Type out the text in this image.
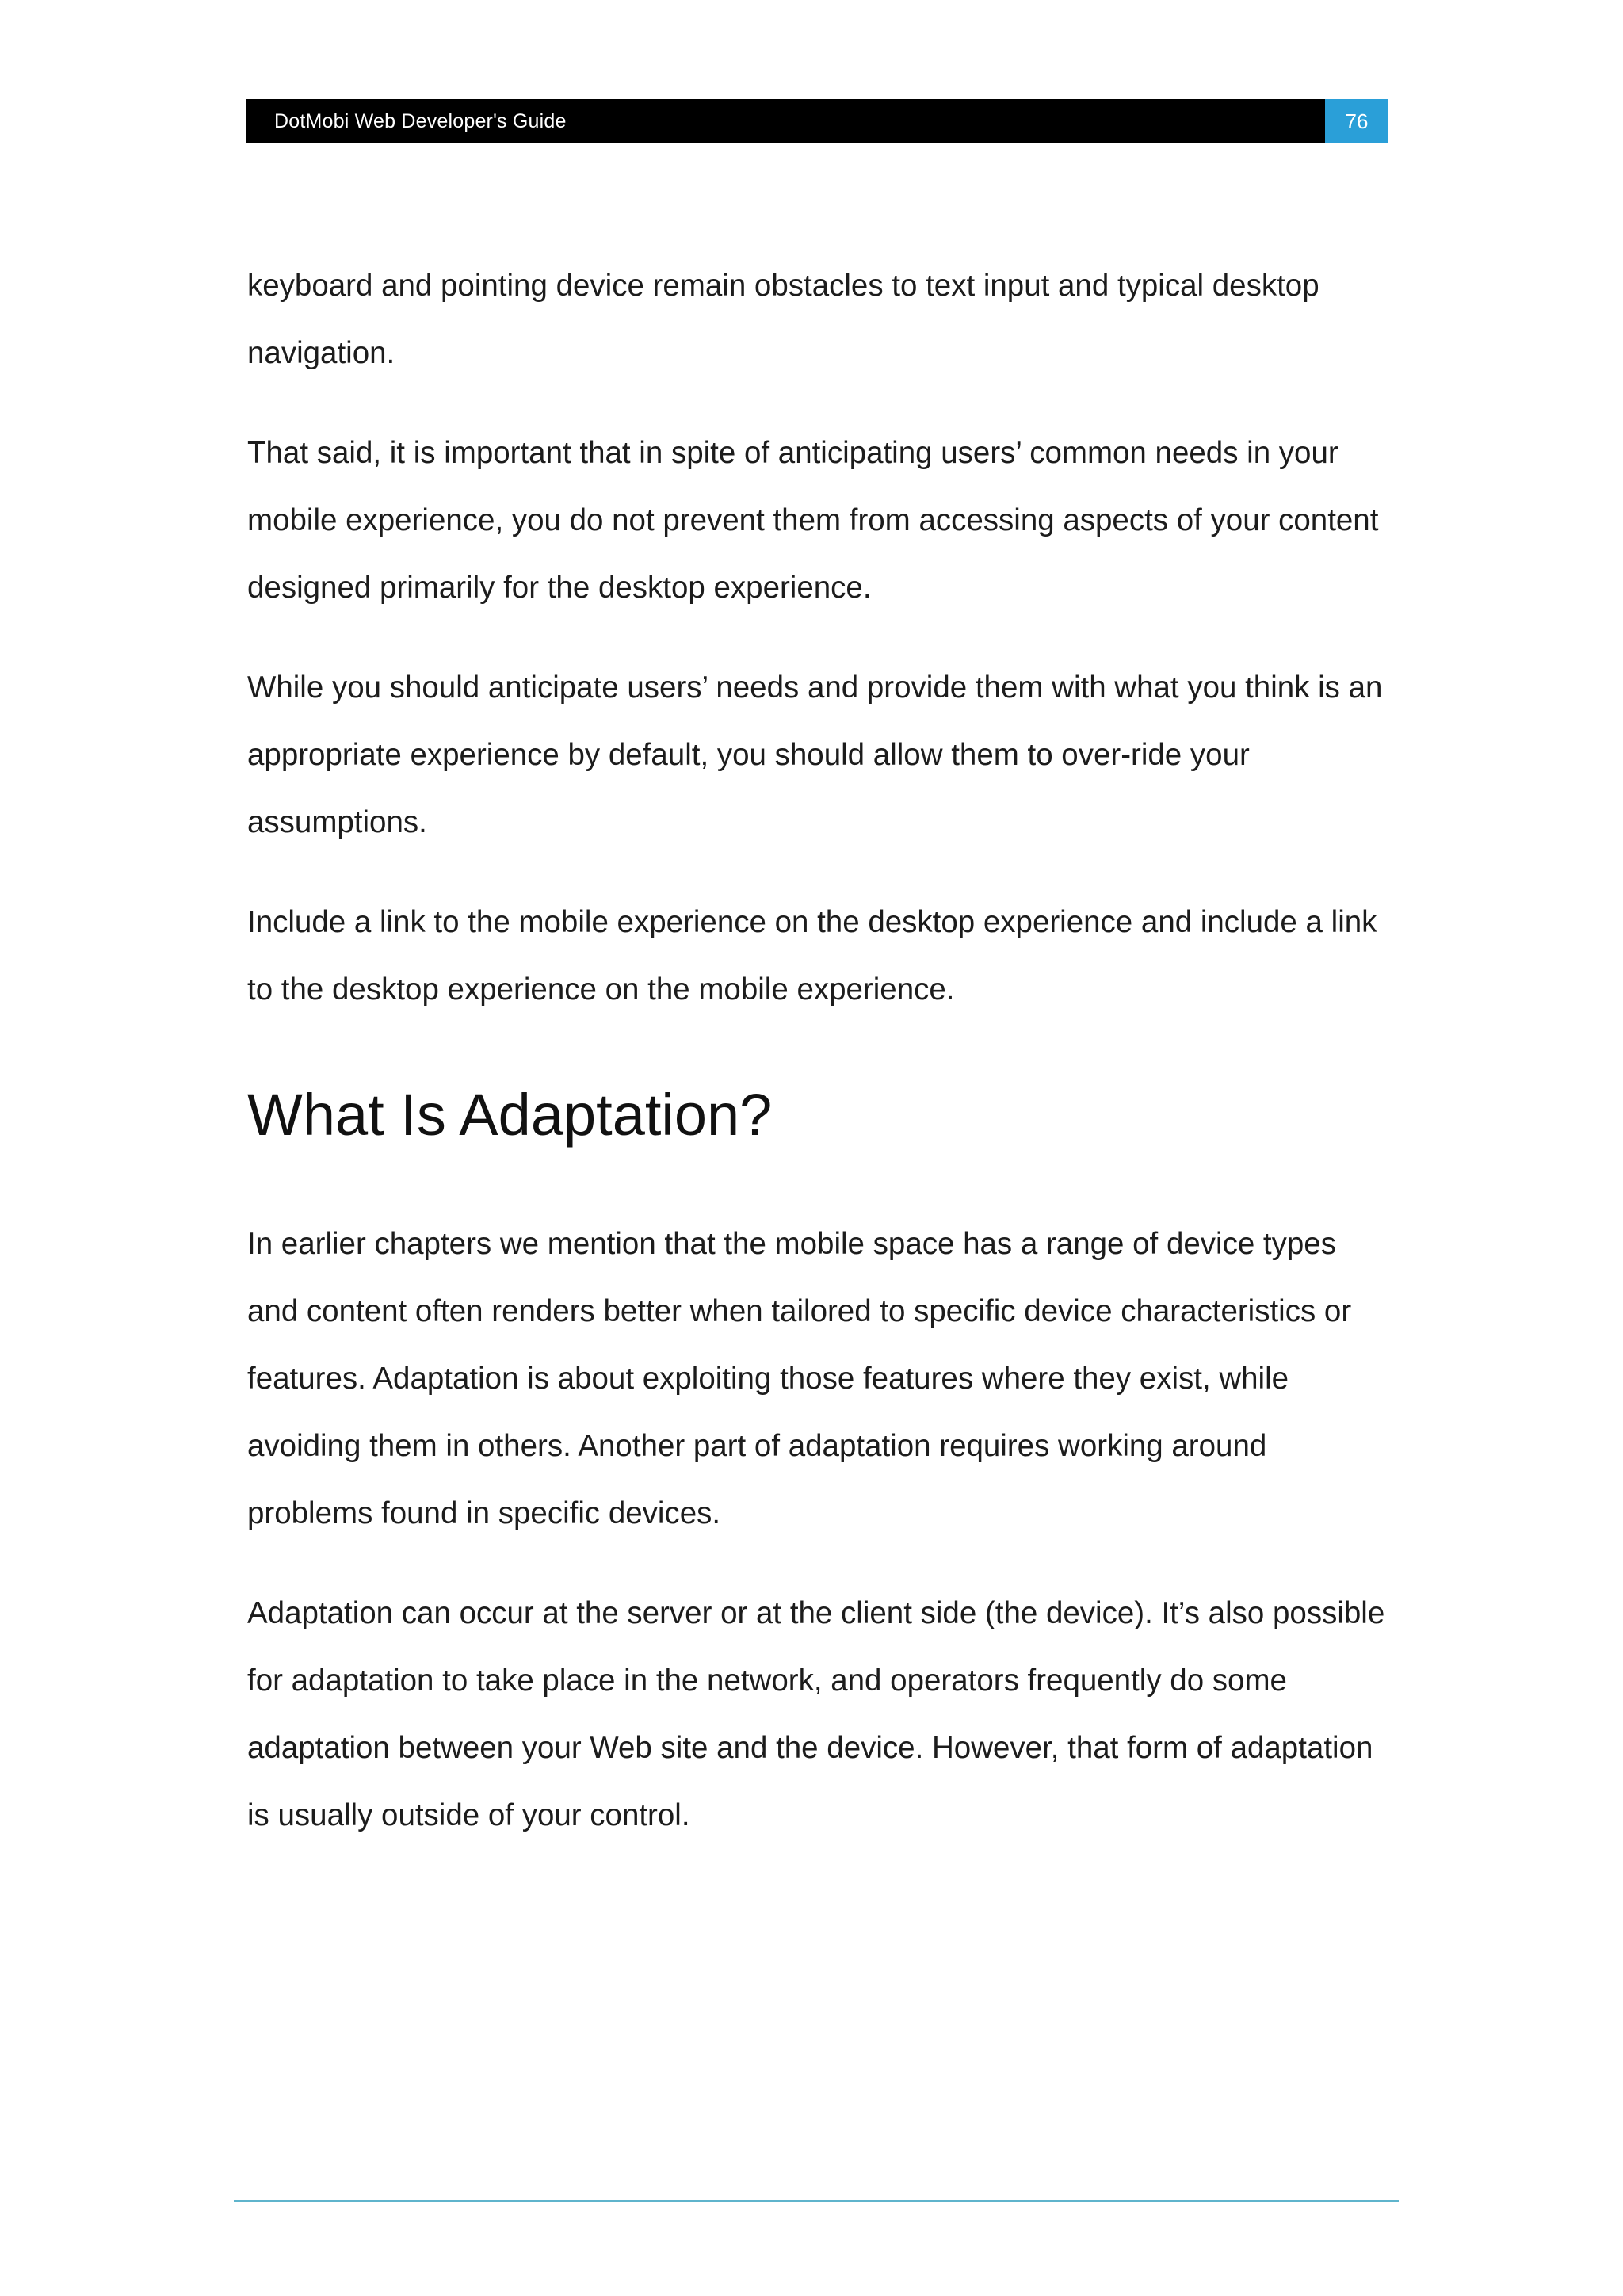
DotMobi Web Developer's Guide	76

keyboard and pointing device remain obstacles to text input and typical desktop navigation.

That said, it is important that in spite of anticipating users’ common needs in your mobile experience, you do not prevent them from accessing aspects of your content designed primarily for the desktop experience.

While you should anticipate users’ needs and provide them with what you think is an appropriate experience by default, you should allow them to over-ride your assumptions.

Include a link to the mobile experience on the desktop experience and include a link to the desktop experience on the mobile experience.

What Is Adaptation?

In earlier chapters we mention that the mobile space has a range of device types and content often renders better when tailored to specific device characteristics or features. Adaptation is about exploiting those features where they exist, while avoiding them in others. Another part of adaptation requires working around problems found in specific devices.

Adaptation can occur at the server or at the client side (the device). It’s also possible for adaptation to take place in the network, and operators frequently do some adaptation between your Web site and the device. However, that form of adaptation is usually outside of your control.
